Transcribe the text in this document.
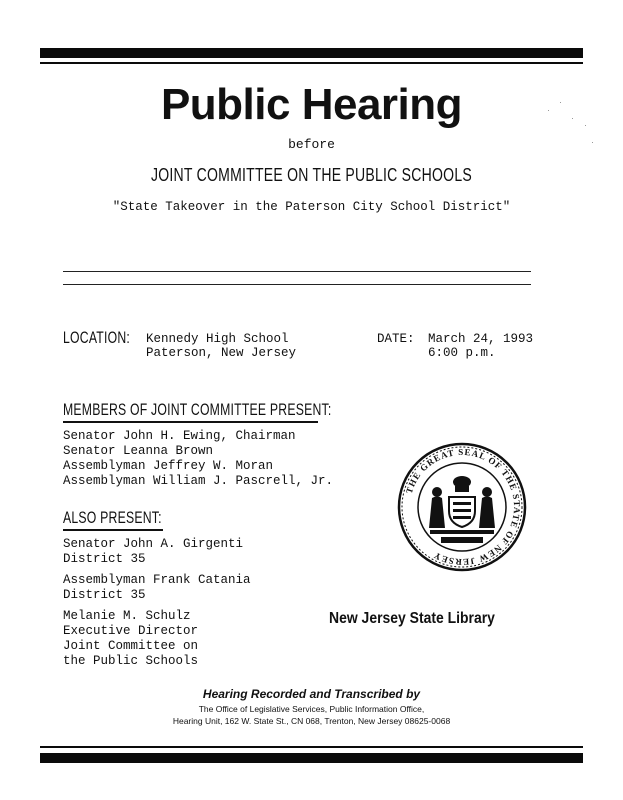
Public Hearing
before
JOINT COMMITTEE ON THE PUBLIC SCHOOLS
"State Takeover in the Paterson City School District"
LOCATION: Kennedy High School
Paterson, New Jersey
DATE: March 24, 1993
6:00 p.m.
MEMBERS OF JOINT COMMITTEE PRESENT:
Senator John H. Ewing, Chairman
Senator Leanna Brown
Assemblyman Jeffrey W. Moran
Assemblyman William J. Pascrell, Jr.
ALSO PRESENT:
Senator John A. Girgenti
District 35
Assemblyman Frank Catania
District 35
Melanie M. Schulz
Executive Director
Joint Committee on
the Public Schools
THE GREAT SEAL OF THE STATE OF NEW JERSEY
New Jersey State Library
Hearing Recorded and Transcribed by
The Office of Legislative Services, Public Information Office,
Hearing Unit, 162 W. State St., CN 068, Trenton, New Jersey 08625-0068
